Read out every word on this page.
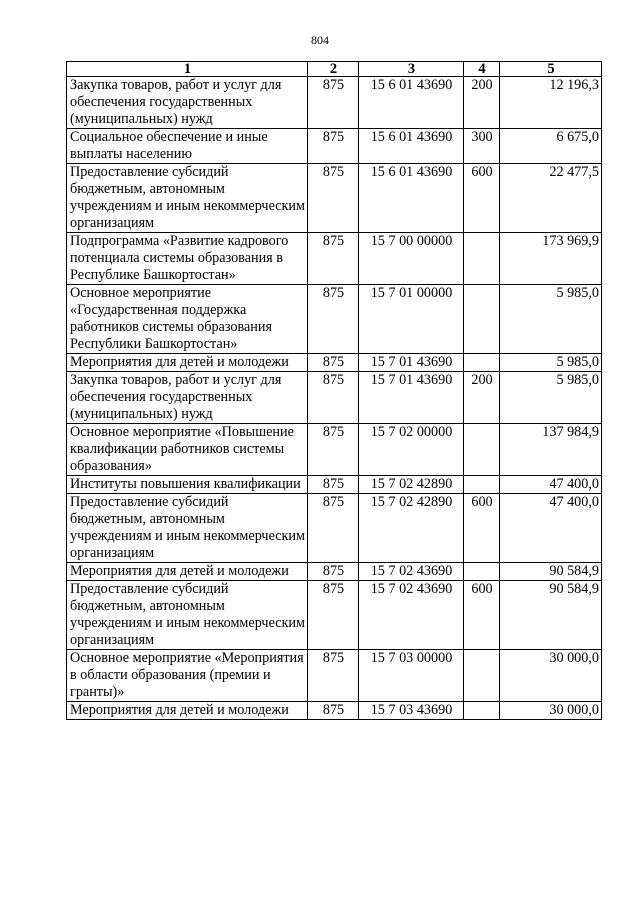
804
1	2	3	4	5
Закупка товаров, работ и услуг для обеспечения государственных (муниципальных) нужд	875	15 6 01 43690	200	12 196,3
Социальное обеспечение и иные выплаты населению	875	15 6 01 43690	300	6 675,0
Предоставление субсидий бюджетным, автономным учреждениям и иным некоммерческим организациям	875	15 6 01 43690	600	22 477,5
Подпрограмма «Развитие кадрового потенциала системы образования в Республике Башкортостан»	875	15 7 00 00000		173 969,9
Основное мероприятие «Государственная поддержка работников системы образования Республики Башкортостан»	875	15 7 01 00000		5 985,0
Мероприятия для детей и молодежи	875	15 7 01 43690		5 985,0
Закупка товаров, работ и услуг для обеспечения государственных (муниципальных) нужд	875	15 7 01 43690	200	5 985,0
Основное мероприятие «Повышение квалификации работников системы образования»	875	15 7 02 00000		137 984,9
Институты повышения квалификации	875	15 7 02 42890		47 400,0
Предоставление субсидий бюджетным, автономным учреждениям и иным некоммерческим организациям	875	15 7 02 42890	600	47 400,0
Мероприятия для детей и молодежи	875	15 7 02 43690		90 584,9
Предоставление субсидий бюджетным, автономным учреждениям и иным некоммерческим организациям	875	15 7 02 43690	600	90 584,9
Основное мероприятие «Мероприятия в области образования (премии и гранты)»	875	15 7 03 00000		30 000,0
Мероприятия для детей и молодежи	875	15 7 03 43690		30 000,0
